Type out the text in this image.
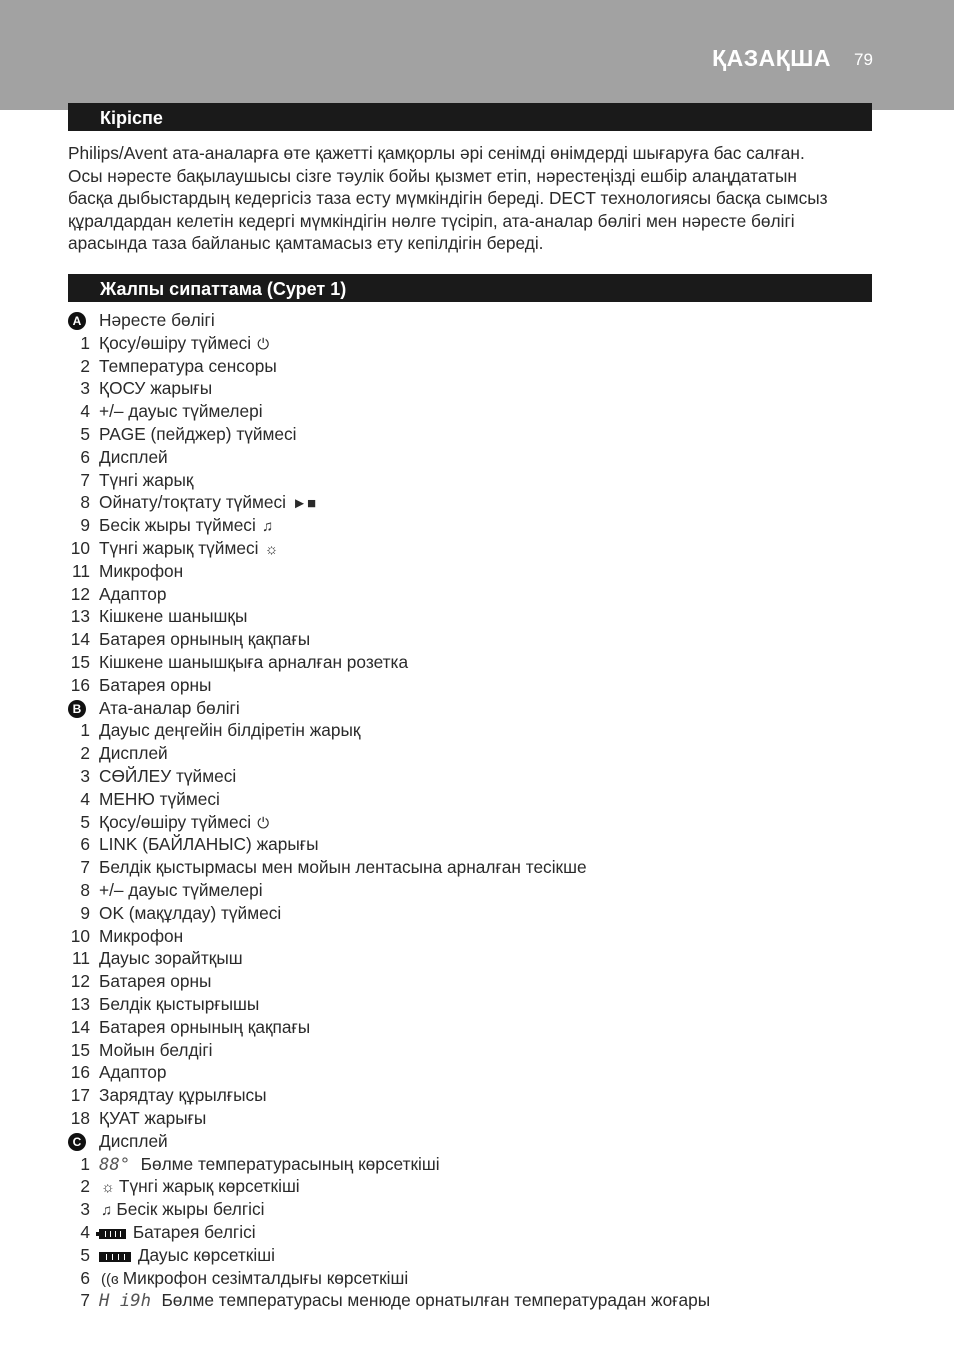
ҚАЗАҚША 79
Кіріспе
Philips/Avent ата-аналарға өте қажетті қамқорлы әрі сенімді өнімдерді шығаруға бас салған.
Осы нәресте бақылаушысы сізге тәулік бойы қызмет етіп, нәрестеңізді ешбір алаңдататын
басқа дыбыстардың кедергісіз таза есту мүмкіндігін береді. DECT технологиясы басқа сымсыз
құралдардан келетін кедергі мүмкіндігін нөлге түсіріп, ата-аналар бөлігі мен нәресте бөлігі
арасында таза байланыс қамтамасыз ету кепілдігін береді.
Жалпы сипаттама (Сурет 1)
A Нәресте бөлігі
1 Қосу/өшіру түймесі ⏻
2 Температура сенсоры
3 ҚОСУ жарығы
4 +/– дауыс түймелері
5 PAGE (пейджер) түймесі
6 Дисплей
7 Түнгі жарық
8 Ойнату/тоқтату түймесі ►■
9 Бесік жыры түймесі ♫
10 Түнгі жарық түймесі ☼
11 Микрофон
12 Адаптор
13 Кішкене шанышқы
14 Батарея орнының қақпағы
15 Кішкене шанышқыға арналған розетка
16 Батарея орны
B Ата-аналар бөлігі
1 Дауыс деңгейін білдіретін жарық
2 Дисплей
3 СӨЙЛЕУ түймесі
4 МЕНЮ түймесі
5 Қосу/өшіру түймесі ⏻
6 LINK (БАЙЛАНЫС) жарығы
7 Белдік қыстырмасы мен мойын лентасына арналған тесікше
8 +/– дауыс түймелері
9 OK (мақұлдау) түймесі
10 Микрофон
11 Дауыс зорайтқыш
12 Батарея орны
13 Белдік қыстырғышы
14 Батарея орнының қақпағы
15 Мойын белдігі
16 Адаптор
17 Зарядтау құрылғысы
18 ҚУАТ жарығы
C Дисплей
1 88° Бөлме температурасының көрсеткіші
2 ☼ Түнгі жарық көрсеткіші
3 ♫ Бесік жыры белгісі
4	Батарея белгісі
5	Дауыс көрсеткіші
6 ((ɞ Микрофон сезімталдығы көрсеткіші
7 H i9h Бөлме температурасы менюде орнатылған температурадан жоғары
